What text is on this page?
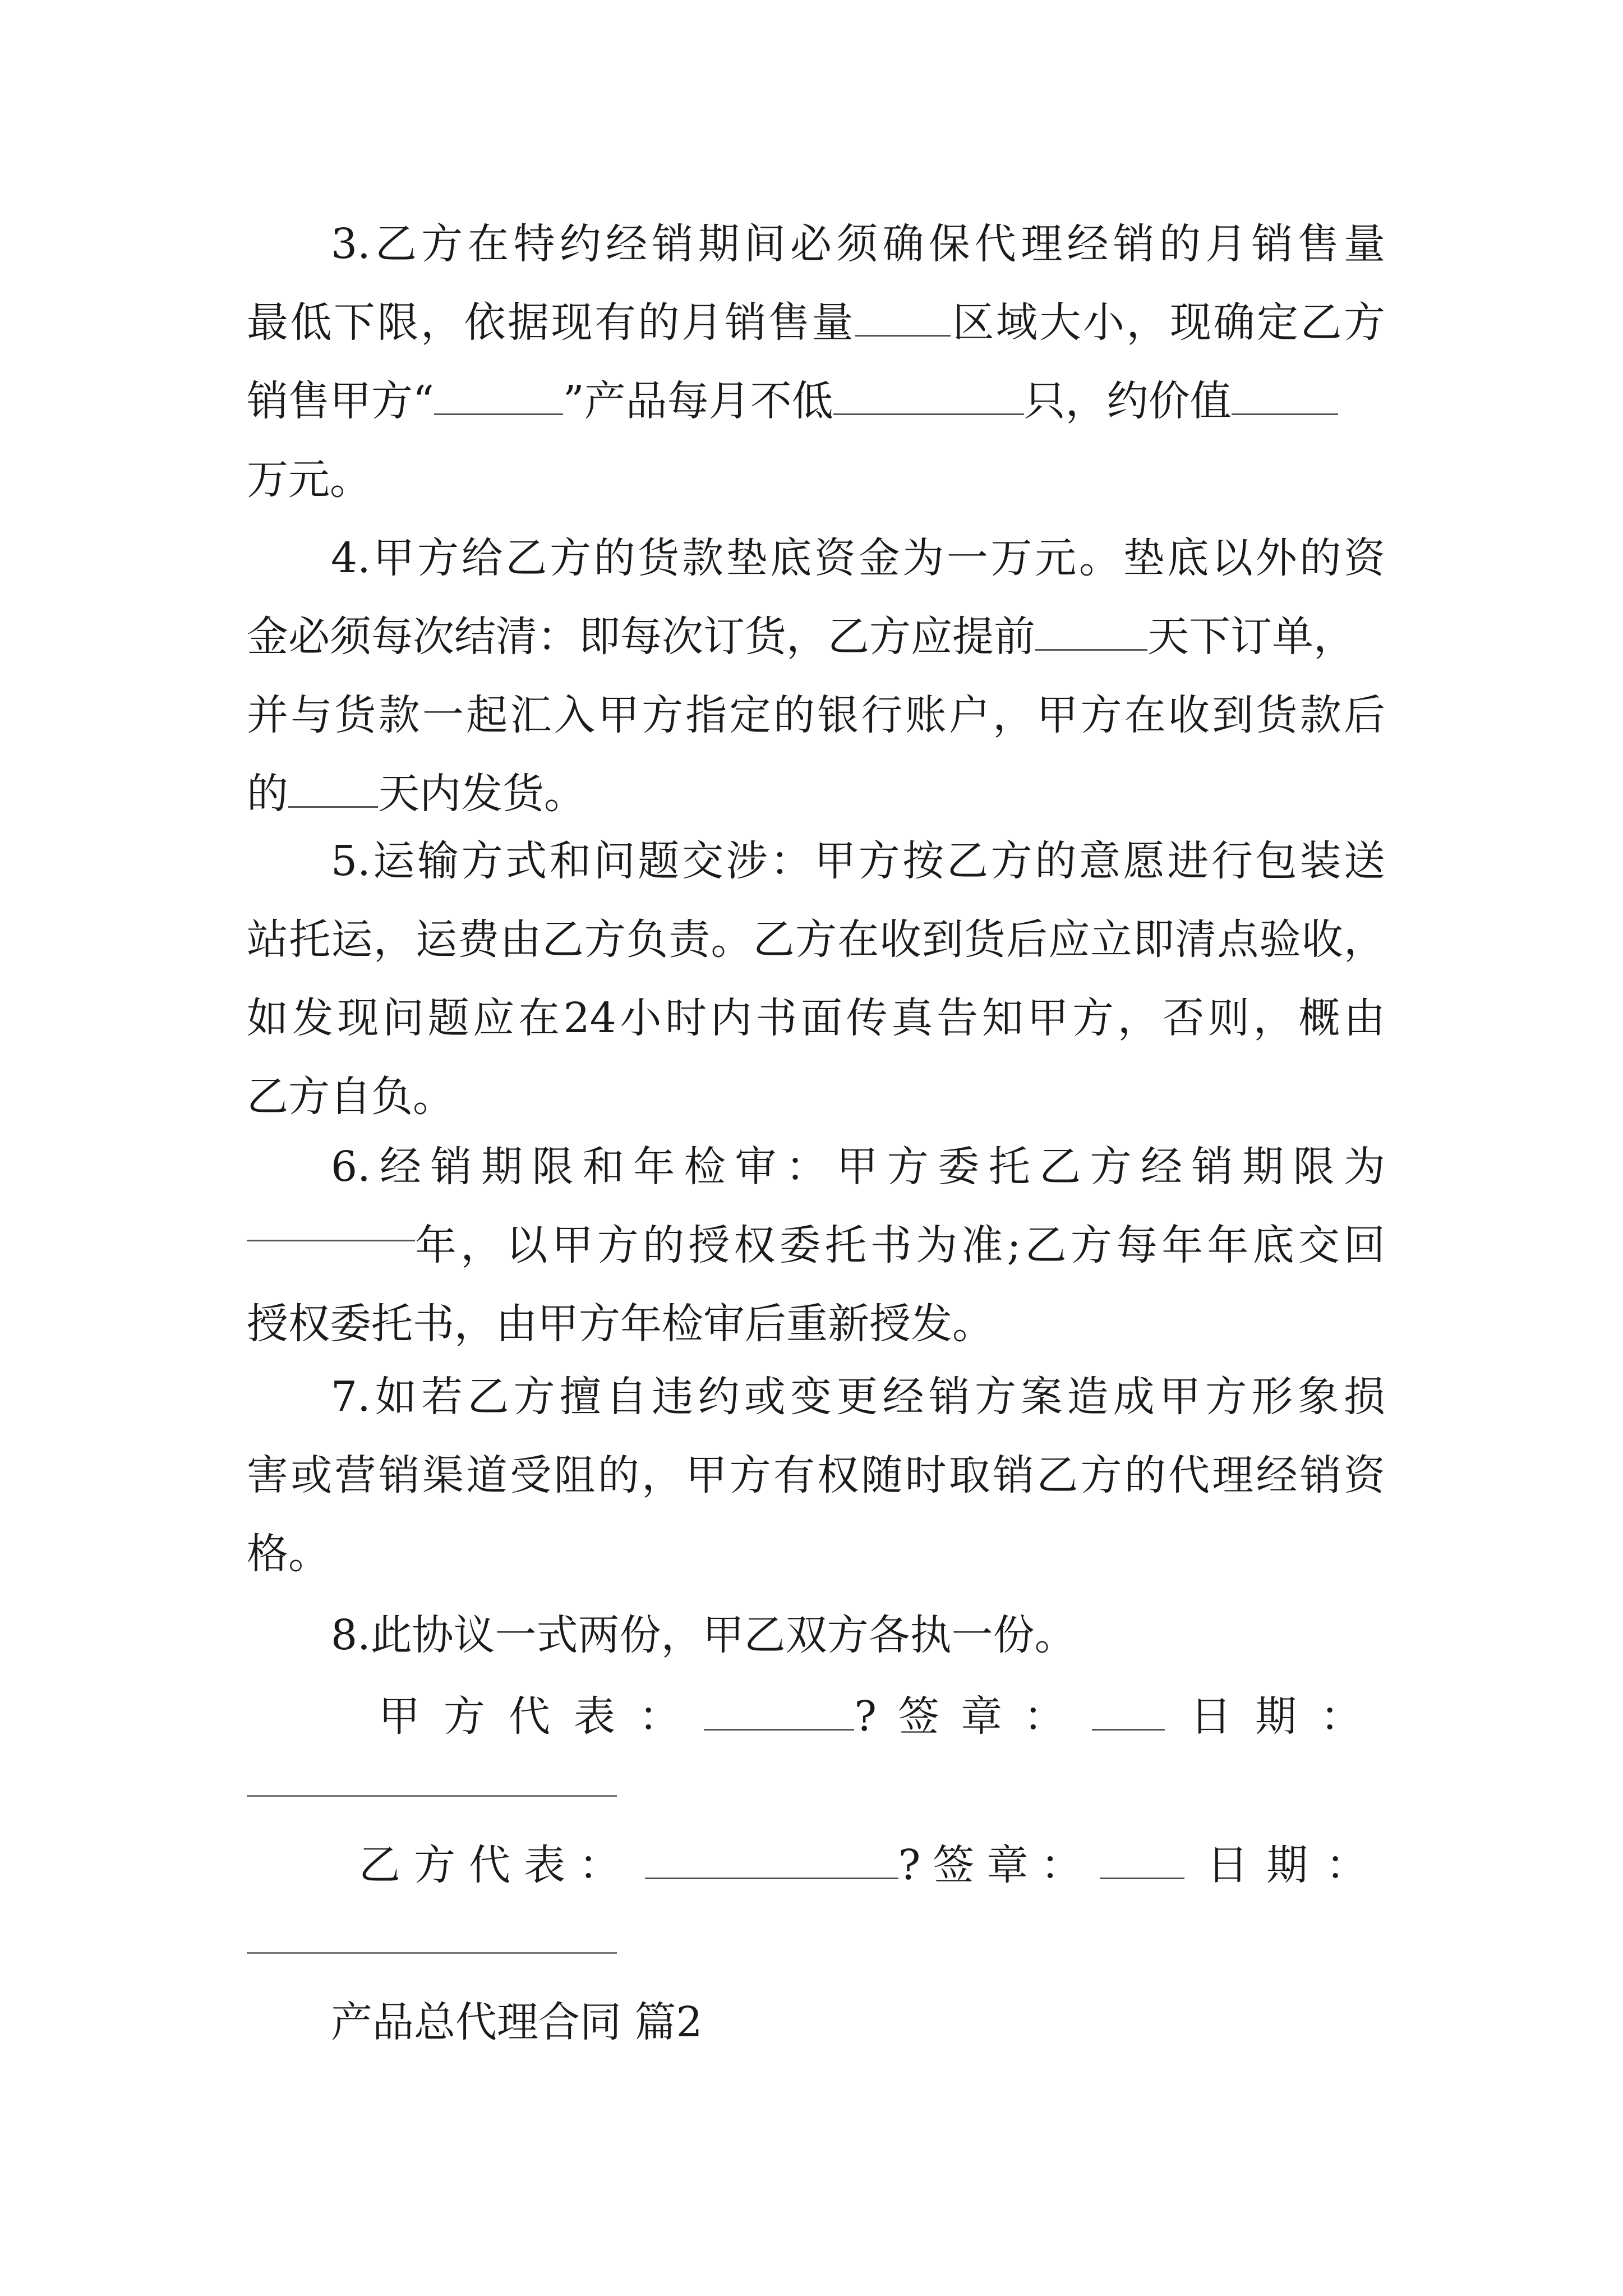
3.乙方在特约经销期间必须确保代理经销的月销售量
最低下限，依据现有的月销售量 区域大小，现确定乙方
销售甲方“	”产品每月不低	只，约价值
万元。
4.甲方给乙方的货款垫底资金为一万元。垫底以外的资
金必须每次结清：即每次订货，乙方应提前	天下订单，
并与货款一起汇入甲方指定的银行账户，甲方在收到货款后
的 天内发货。
5.运输方式和问题交涉：甲方按乙方的意愿进行包装送
站托运，运费由乙方负责。乙方在收到货后应立即清点验收，
如发现问题应在24小时内书面传真告知甲方，否则，概由
乙方自负。
6.经销期限和年检审：甲方委托乙方经销期限为
年，以甲方的授权委托书为准;乙方每年年底交回
授权委托书，由甲方年检审后重新授发。
7.如若乙方擅自违约或变更经销方案造成甲方形象损
害或营销渠道受阻的，甲方有权随时取销乙方的代理经销资
格。
8.此协议一式两份，甲乙双方各执一份。
甲方代表：	?签章： 日期：
乙方代表：	?签章：	日期：
产品总代理合同 篇2
